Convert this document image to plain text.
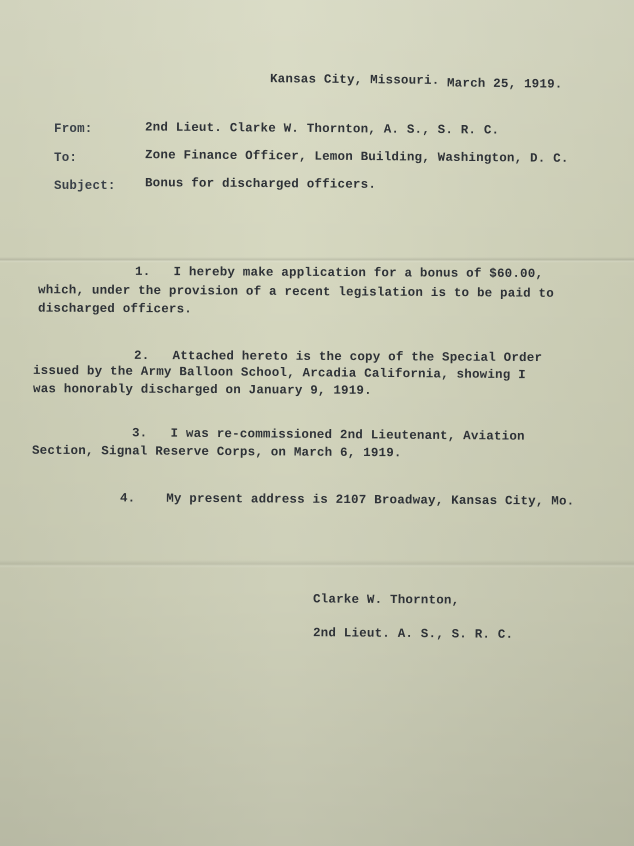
Kansas City, Missouri. March 25, 1919.
From:	2nd Lieut. Clarke W. Thornton, A. S., S. R. C.
To:	Zone Finance Officer, Lemon Building, Washington, D. C.
Subject: Bonus for discharged officers.
1.   I hereby make application for a bonus of $60.00,
which, under the provision of a recent legislation is to be paid to
discharged officers.
2.   Attached hereto is the copy of the Special Order
issued by the Army Balloon School, Arcadia California, showing I
was honorably discharged on January 9, 1919.
3.   I was re-commissioned 2nd Lieutenant, Aviation
Section, Signal Reserve Corps, on March 6, 1919.
4.    My present address is 2107 Broadway, Kansas City, Mo.
Clarke W. Thornton,
2nd Lieut. A. S., S. R. C.
